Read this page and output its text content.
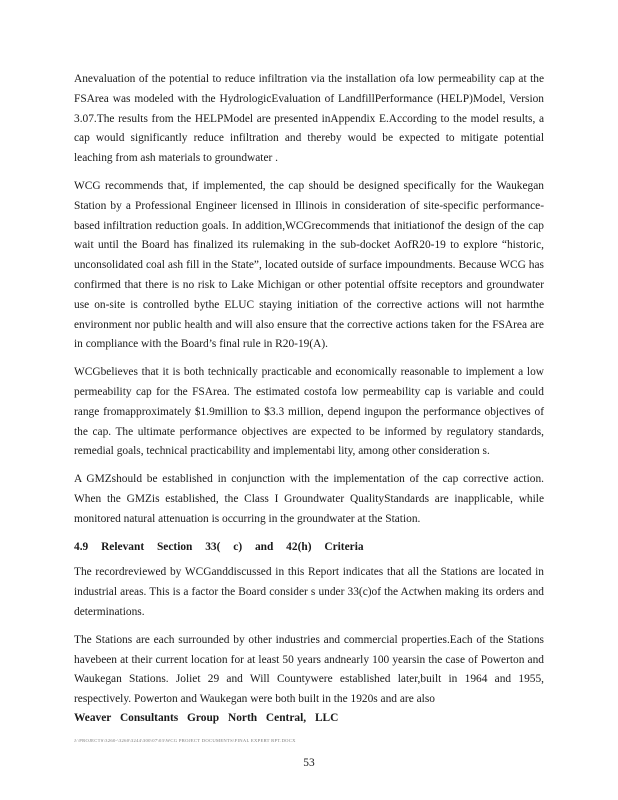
Anevaluation of the potential to reduce infiltration via the installation ofa low permeability cap at the FSArea was modeled with the HydrologicEvaluation of LandfillPerformance (HELP)Model, Version 3.07.The results from the HELPModel are presented inAppendix E.According to the model results, a cap would significantly reduce infiltration and thereby would be expected to mitigate potential leaching from ash materials to groundwater .

WCG recommends that, if implemented, the cap should be designed specifically for the Waukegan Station by a Professional Engineer licensed in Illinois in consideration of site-specific performance- based infiltration reduction goals. In addition,WCGrecommends that initiationof the design of the cap wait until the Board has finalized its rulemaking in the sub-docket AofR20-19 to explore “historic, unconsolidated coal ash fill in the State”, located outside of surface impoundments. Because WCG has confirmed that there is no risk to Lake Michigan or other potential offsite receptors and groundwater use on-site is controlled bythe ELUC staying initiation of the corrective actions will not harmthe environment nor public health and will also ensure that the corrective actions taken for the FSArea are in compliance with the Board’s final rule in R20-19(A).

WCGbelieves that it is both technically practicable and economically reasonable to implement a low permeability cap for the FSArea. The estimated costofa low permeability cap is variable and could range fromapproximately $1.9million to $3.3 million, depend ingupon the performance objectives of the cap. The ultimate performance objectives are expected to be informed by regulatory standards, remedial goals, technical practicability and implementabi lity, among other consideration s.

A GMZshould be established in conjunction with the implementation of the cap corrective action. When the GMZis established, the Class I Groundwater QualityStandards are inapplicable, while monitored natural attenuation is occurring in the groundwater at the Station.

4.9 Relevant Section 33( c) and 42(h) Criteria

The recordreviewed by WCGanddiscussed in this Report indicates that all the Stations are located in industrial areas. This is a factor the Board consider s under 33(c)of the Actwhen making its orders and determinations.

The Stations are each surrounded by other industries and commercial properties.Each of the Stations havebeen at their current location for at least 50 years andnearly 100 yearsin the case of Powerton and Waukegan Stations. Joliet 29 and Will Countywere established later,built in 1964 and 1955, respectively. Powerton and Waukegan were both built in the 1920s and are also

Weaver Consultants Group North Central, LLC
J:\PROJECTS\3260-\3260\3244\300\07\03\WCG PROJECT DOCUMENTS\FINAL EXPERT RPT.DOCX
53
